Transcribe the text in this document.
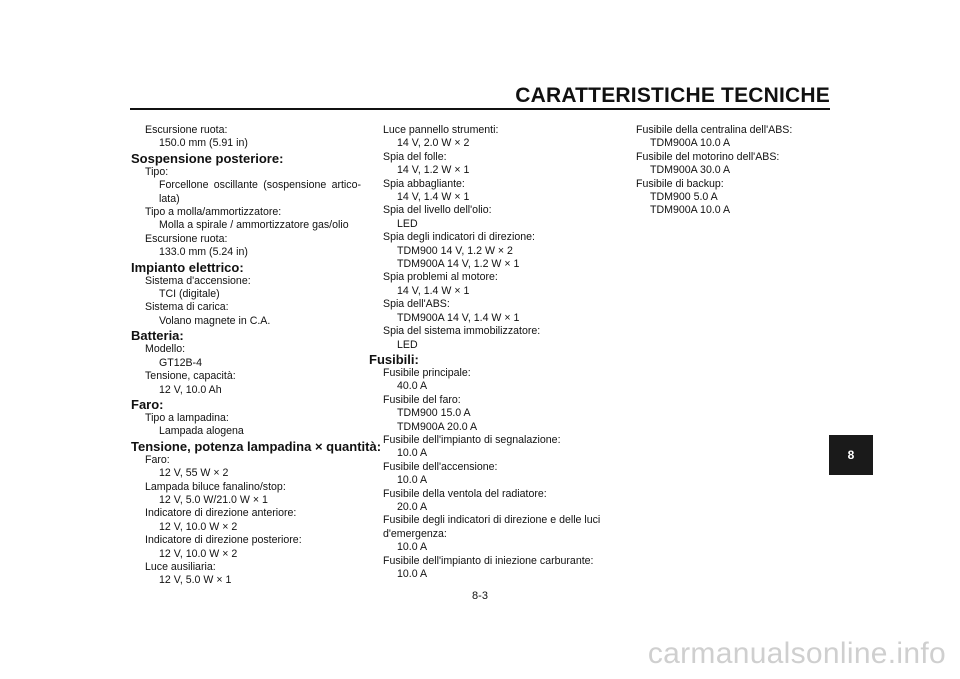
CARATTERISTICHE TECNICHE
Escursione ruota:
150.0 mm (5.91 in)
Sospensione posteriore:
Tipo:
Forcellone oscillante (sospensione artico-lata)
Tipo a molla/ammortizzatore:
Molla a spirale / ammortizzatore gas/olio
Escursione ruota:
133.0 mm (5.24 in)
Impianto elettrico:
Sistema d'accensione:
TCI (digitale)
Sistema di carica:
Volano magnete in C.A.
Batteria:
Modello:
GT12B-4
Tensione, capacità:
12 V, 10.0 Ah
Faro:
Tipo a lampadina:
Lampada alogena
Tensione, potenza lampadina × quantità:
Faro:
12 V, 55 W × 2
Lampada biluce fanalino/stop:
12 V, 5.0 W/21.0 W × 1
Indicatore di direzione anteriore:
12 V, 10.0 W × 2
Indicatore di direzione posteriore:
12 V, 10.0 W × 2
Luce ausiliaria:
12 V, 5.0 W × 1
Luce pannello strumenti:
14 V, 2.0 W × 2
Spia del folle:
14 V, 1.2 W × 1
Spia abbagliante:
14 V, 1.4 W × 1
Spia del livello dell'olio:
LED
Spia degli indicatori di direzione:
TDM900 14 V, 1.2 W × 2
TDM900A 14 V, 1.2 W × 1
Spia problemi al motore:
14 V, 1.4 W × 1
Spia dell'ABS:
TDM900A 14 V, 1.4 W × 1
Spia del sistema immobilizzatore:
LED
Fusibili:
Fusibile principale:
40.0 A
Fusibile del faro:
TDM900 15.0 A
TDM900A 20.0 A
Fusibile dell'impianto di segnalazione:
10.0 A
Fusibile dell'accensione:
10.0 A
Fusibile della ventola del radiatore:
20.0 A
Fusibile degli indicatori di direzione e delle luci d'emergenza:
10.0 A
Fusibile dell'impianto di iniezione carburante:
10.0 A
Fusibile della centralina dell'ABS:
TDM900A 10.0 A
Fusibile del motorino dell'ABS:
TDM900A 30.0 A
Fusibile di backup:
TDM900 5.0 A
TDM900A 10.0 A
8
8-3
carmanualsonline.info
